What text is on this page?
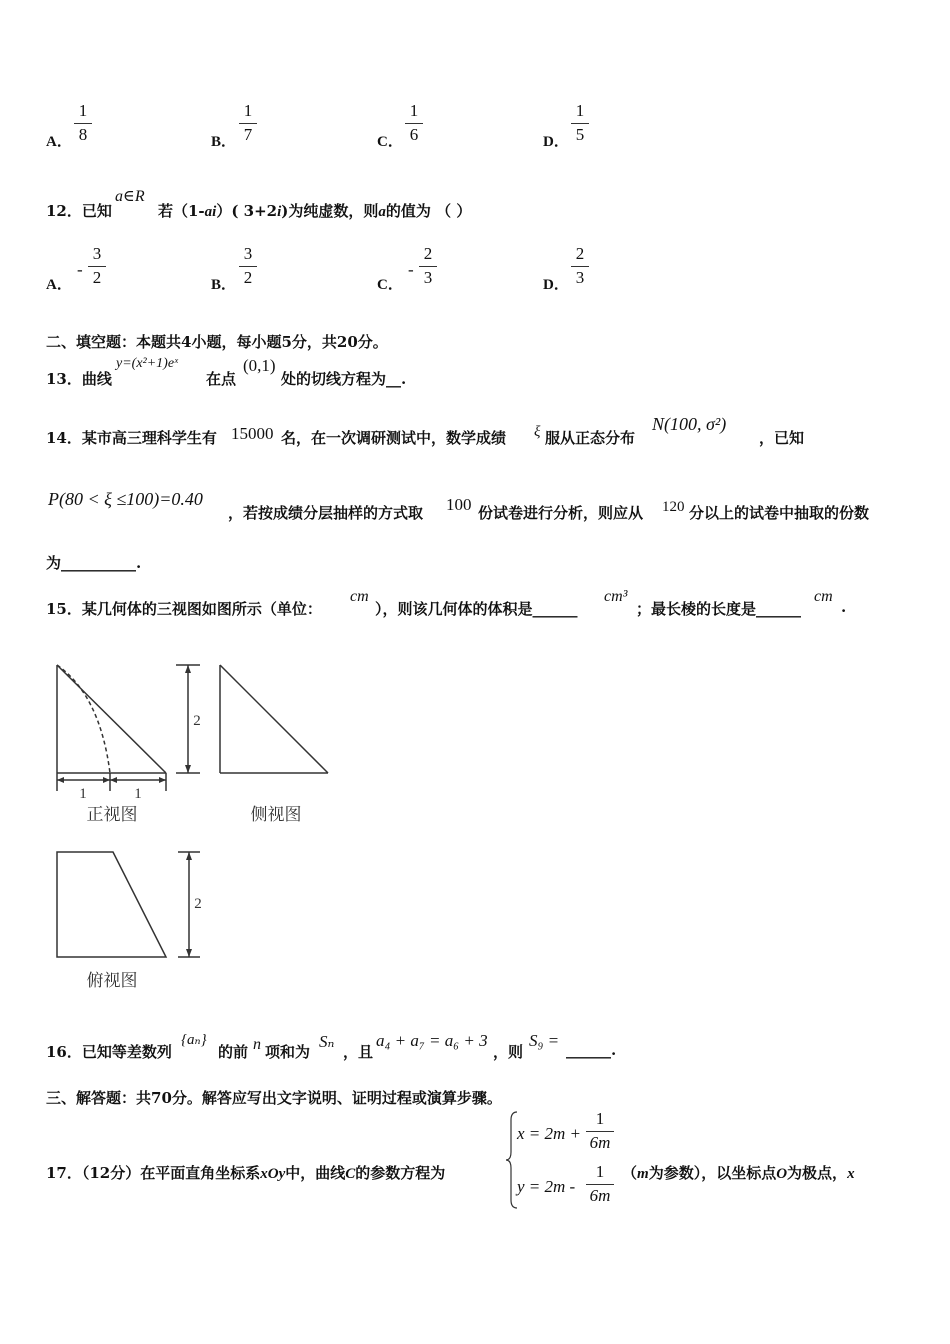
A．
1
8	B．
1
7	C．
1
6	D．
1
5
12．已知
a∈R
若（1-ai）( 3+2i)为纯虚数，则a的值为 （ ）
A．
-
3
2	B．
3
2	C．
-
2
3	D．
2
3
二、填空题：本题共4小题，每小题5分，共20分。
13．曲线
y=(x²+1)eˣ
在点
(0,1)
处的切线方程为__.
14．某市高三理科学生有 15000 名，在一次调研测试中，数学成绩 ξ 服从正态分布
N(100, σ²)
，已知
P(80 < ξ ≤100)=0.40
，若按成绩分层抽样的方式取 100 份试卷进行分析，则应从 120 分以上的试卷中抽取的份数
为__________.
15．某几何体的三视图如图所示（单位：
cm
），则该几何体的体积是______
cm³
；最长棱的长度是______
cm
.
1	1
正视图
2
侧视图
2
俯视图
16．已知等差数列
{aₙ}
的前 n 项和为
Sₙ
，且
a₄ + a₇ = a₆ + 3
，则
S₉ = ______.
三、解答题：共70分。解答应写出文字说明、证明过程或演算步骤。
17．（12分）在平面直角坐标系xOy中，曲线C的参数方程为
x = 2m +
1
6m
y = 2m -
1
6m
（m为参数），以坐标点O为极点，x
